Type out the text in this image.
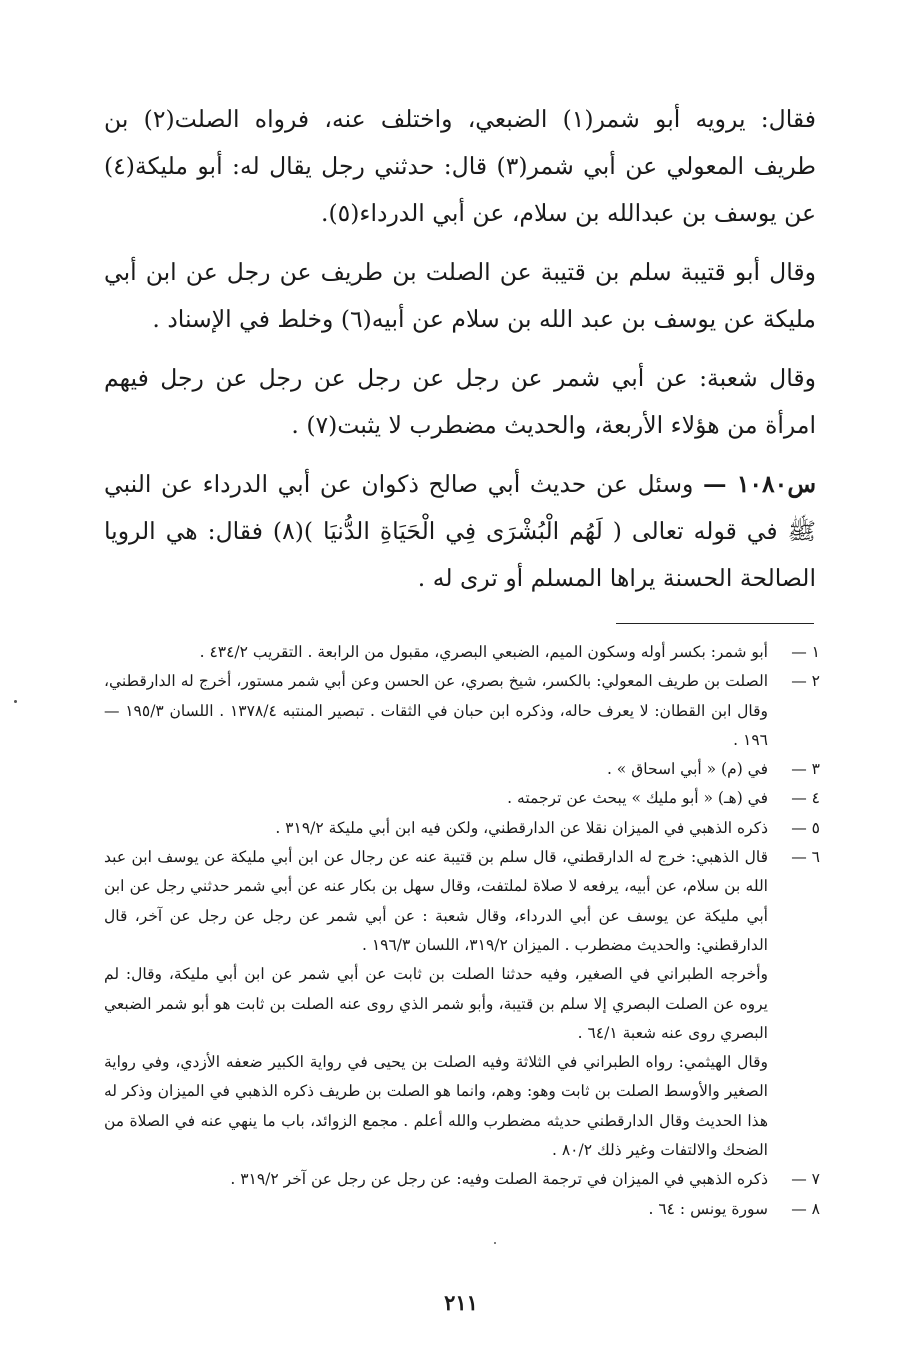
فقال: يرويه أبو شمر(١) الضبعي، واختلف عنه، فرواه الصلت(٢) بن طريف المعولي عن أبي شمر(٣) قال: حدثني رجل يقال له: أبو مليكة(٤) عن يوسف بن عبدالله بن سلام، عن أبي الدرداء(٥).

وقال أبو قتيبة سلم بن قتيبة عن الصلت بن طريف عن رجل عن ابن أبي مليكة عن يوسف بن عبد الله بن سلام عن أبيه(٦) وخلط في الإسناد .

وقال شعبة: عن أبي شمر عن رجل عن رجل عن رجل عن رجل فيهم امرأة من هؤلاء الأربعة، والحديث مضطرب لا يثبت(٧) .

س١٠٨٠ — وسئل عن حديث أبي صالح ذكوان عن أبي الدرداء عن النبي ﷺ في قوله تعالى ( لَهُم الْبُشْرَى فِي الْحَيَاةِ الدُّنيَا )(٨) فقال: هي الرويا الصالحة الحسنة يراها المسلم أو ترى له .

١ —

أبو شمر: بكسر أوله وسكون الميم، الضبعي البصري، مقبول من الرابعة . التقريب ٤٣٤/٢ .

٢ —

الصلت بن طريف المعولي: بالكسر، شيخ بصري، عن الحسن وعن أبي شمر مستور، أخرج له الدارقطني، وقال ابن القطان: لا يعرف حاله، وذكره ابن حبان في الثقات . تبصير المنتبه ١٣٧٨/٤ . اللسان ١٩٥/٣ — ١٩٦ .

٣ —

في (م) « أبي اسحاق » .

٤ —

في (هـ) « أبو مليك » يبحث عن ترجمته .

٥ —

ذكره الذهبي في الميزان نقلا عن الدارقطني، ولكن فيه ابن أبي مليكة ٣١٩/٢ .

٦ —

قال الذهبي: خرج له الدارقطني، قال سلم بن قتيبة عنه عن رجال عن ابن أبي مليكة عن يوسف ابن عبد الله بن سلام، عن أبيه، يرفعه لا صلاة لملتفت، وقال سهل بن بكار عنه عن أبي شمر حدثني رجل عن ابن أبي مليكة عن يوسف عن أبي الدرداء، وقال شعبة : عن أبي شمر عن رجل عن رجل عن آخر، قال الدارقطني: والحديث مضطرب . الميزان ٣١٩/٢، اللسان ١٩٦/٣ .

وأخرجه الطبراني في الصغير، وفيه حدثنا الصلت بن ثابت عن أبي شمر عن ابن أبي مليكة، وقال: لم يروه عن الصلت البصري إلا سلم بن قتيبة، وأبو شمر الذي روى عنه الصلت بن ثابت هو أبو شمر الضبعي البصري روى عنه شعبة ٦٤/١ .

وقال الهيثمي: رواه الطبراني في الثلاثة وفيه الصلت بن يحيى في رواية الكبير ضعفه الأزدي، وفي رواية الصغير والأوسط الصلت بن ثابت وهو: وهم، وانما هو الصلت بن طريف ذكره الذهبي في الميزان وذكر له هذا الحديث وقال الدارقطني حديثه مضطرب والله أعلم . مجمع الزوائد، باب ما ينهي عنه في الصلاة من الضحك والالتفات وغير ذلك ٨٠/٢ .

٧ —

ذكره الذهبي في الميزان في ترجمة الصلت وفيه: عن رجل عن رجل عن آخر ٣١٩/٢ .

٨ —

سورة يونس : ٦٤ .

٢١١
